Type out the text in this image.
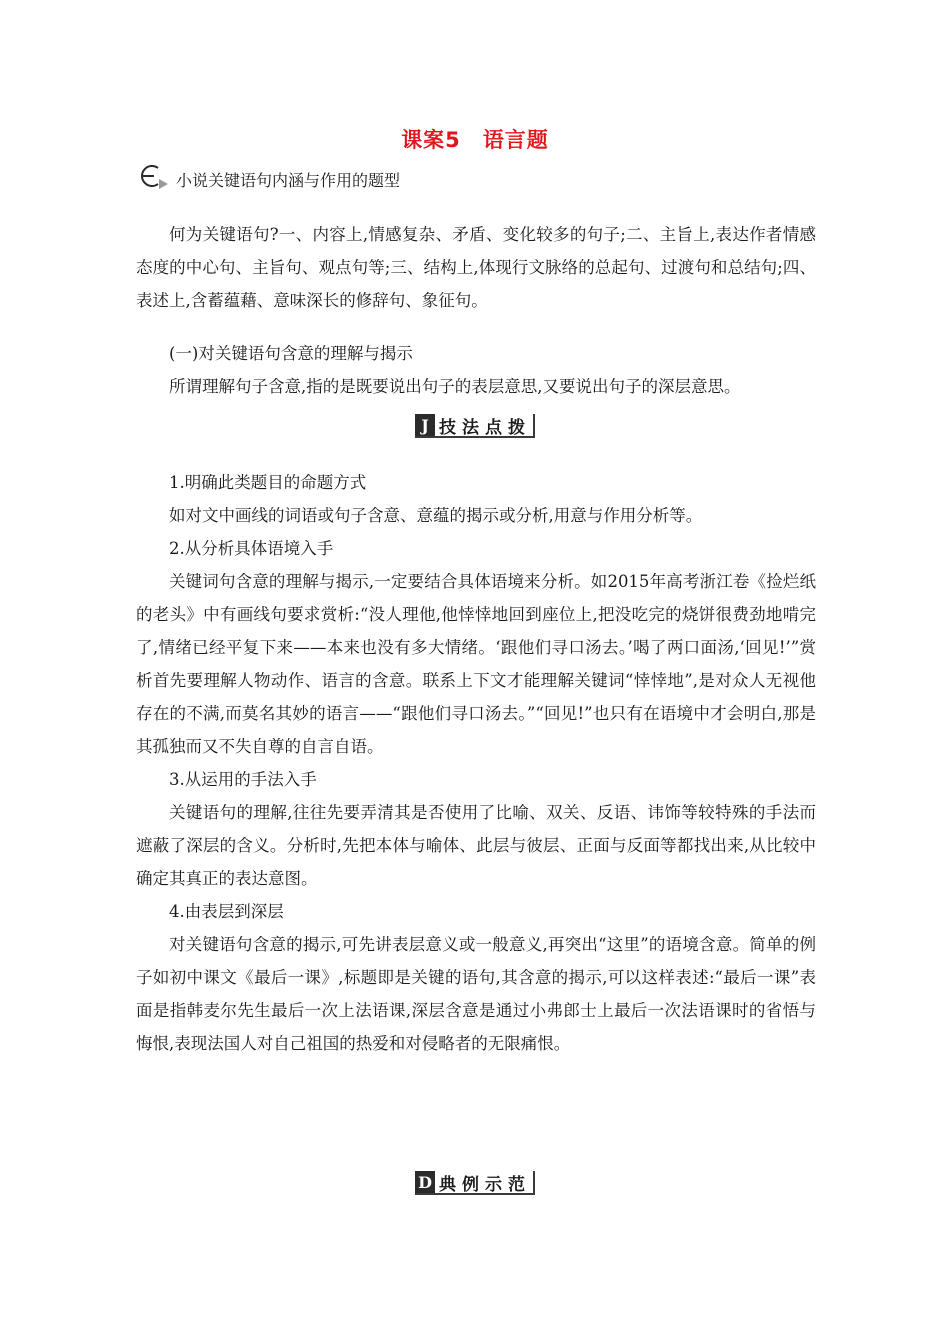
课案5 语言题
小说关键语句内涵与作用的题型

何为关键语句?一、内容上,情感复杂、矛盾、变化较多的句子;二、主旨上,表达作者情感态度的中心句、主旨句、观点句等;三、结构上,体现行文脉络的总起句、过渡句和总结句;四、表述上,含蓄蕴藉、意味深长的修辞句、象征句。

(一)对关键语句含意的理解与揭示

所谓理解句子含意,指的是既要说出句子的表层意思,又要说出句子的深层意思。

J 技法点拨

1.明确此类题目的命题方式

如对文中画线的词语或句子含意、意蕴的揭示或分析,用意与作用分析等。

2.从分析具体语境入手

关键词句含意的理解与揭示,一定要结合具体语境来分析。如2015年高考浙江卷《捡烂纸的老头》中有画线句要求赏析:“没人理他,他悻悻地回到座位上,把没吃完的烧饼很费劲地啃完了,情绪已经平复下来——本来也没有多大情绪。‘跟他们寻口汤去。’喝了两口面汤,‘回见!’”赏析首先要理解人物动作、语言的含意。联系上下文才能理解关键词“悻悻地”,是对众人无视他存在的不满,而莫名其妙的语言——“跟他们寻口汤去。”“回见!”也只有在语境中才会明白,那是其孤独而又不失自尊的自言自语。

3.从运用的手法入手

关键语句的理解,往往先要弄清其是否使用了比喻、双关、反语、讳饰等较特殊的手法而遮蔽了深层的含义。分析时,先把本体与喻体、此层与彼层、正面与反面等都找出来,从比较中确定其真正的表达意图。

4.由表层到深层

对关键语句含意的揭示,可先讲表层意义或一般意义,再突出“这里”的语境含意。简单的例子如初中课文《最后一课》,标题即是关键的语句,其含意的揭示,可以这样表述:“最后一课”表面是指韩麦尔先生最后一次上法语课,深层含意是通过小弗郎士上最后一次法语课时的省悟与悔恨,表现法国人对自己祖国的热爱和对侵略者的无限痛恨。

D 典例示范
